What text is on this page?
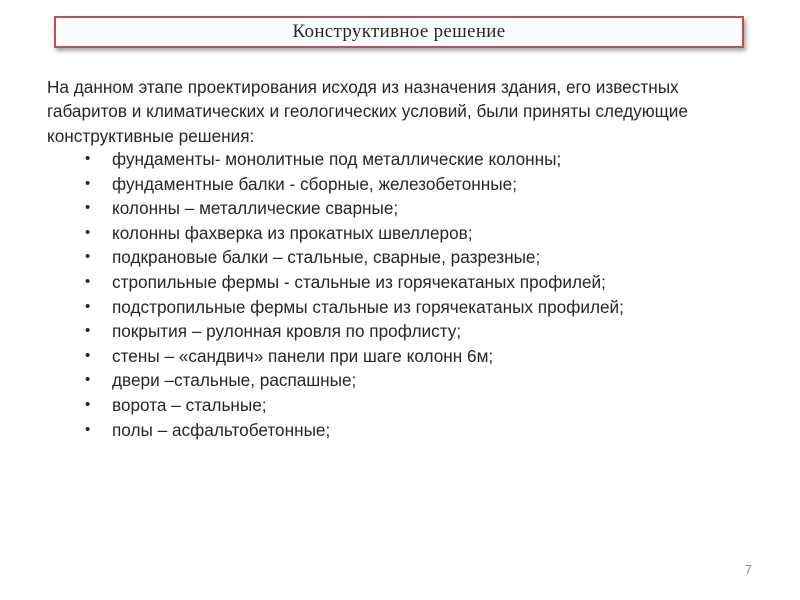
Конструктивное решение

На данном этапе проектирования исходя из назначения здания, его известных габаритов и климатических и геологических условий, были приняты следующие конструктивные решения:

• фундаменты- монолитные под металлические колонны;
• фундаментные балки - сборные, железобетонные;
• колонны – металлические сварные;
• колонны фахверка из прокатных швеллеров;
• подкрановые балки – стальные, сварные, разрезные;
• стропильные фермы - стальные из горячекатаных профилей;
• подстропильные фермы стальные из горячекатаных профилей;
• покрытия – рулонная кровля по профлисту;
• стены – «сандвич» панели при шаге колонн 6м;
• двери –стальные, распашные;
• ворота – стальные;
• полы – асфальтобетонные;
7
